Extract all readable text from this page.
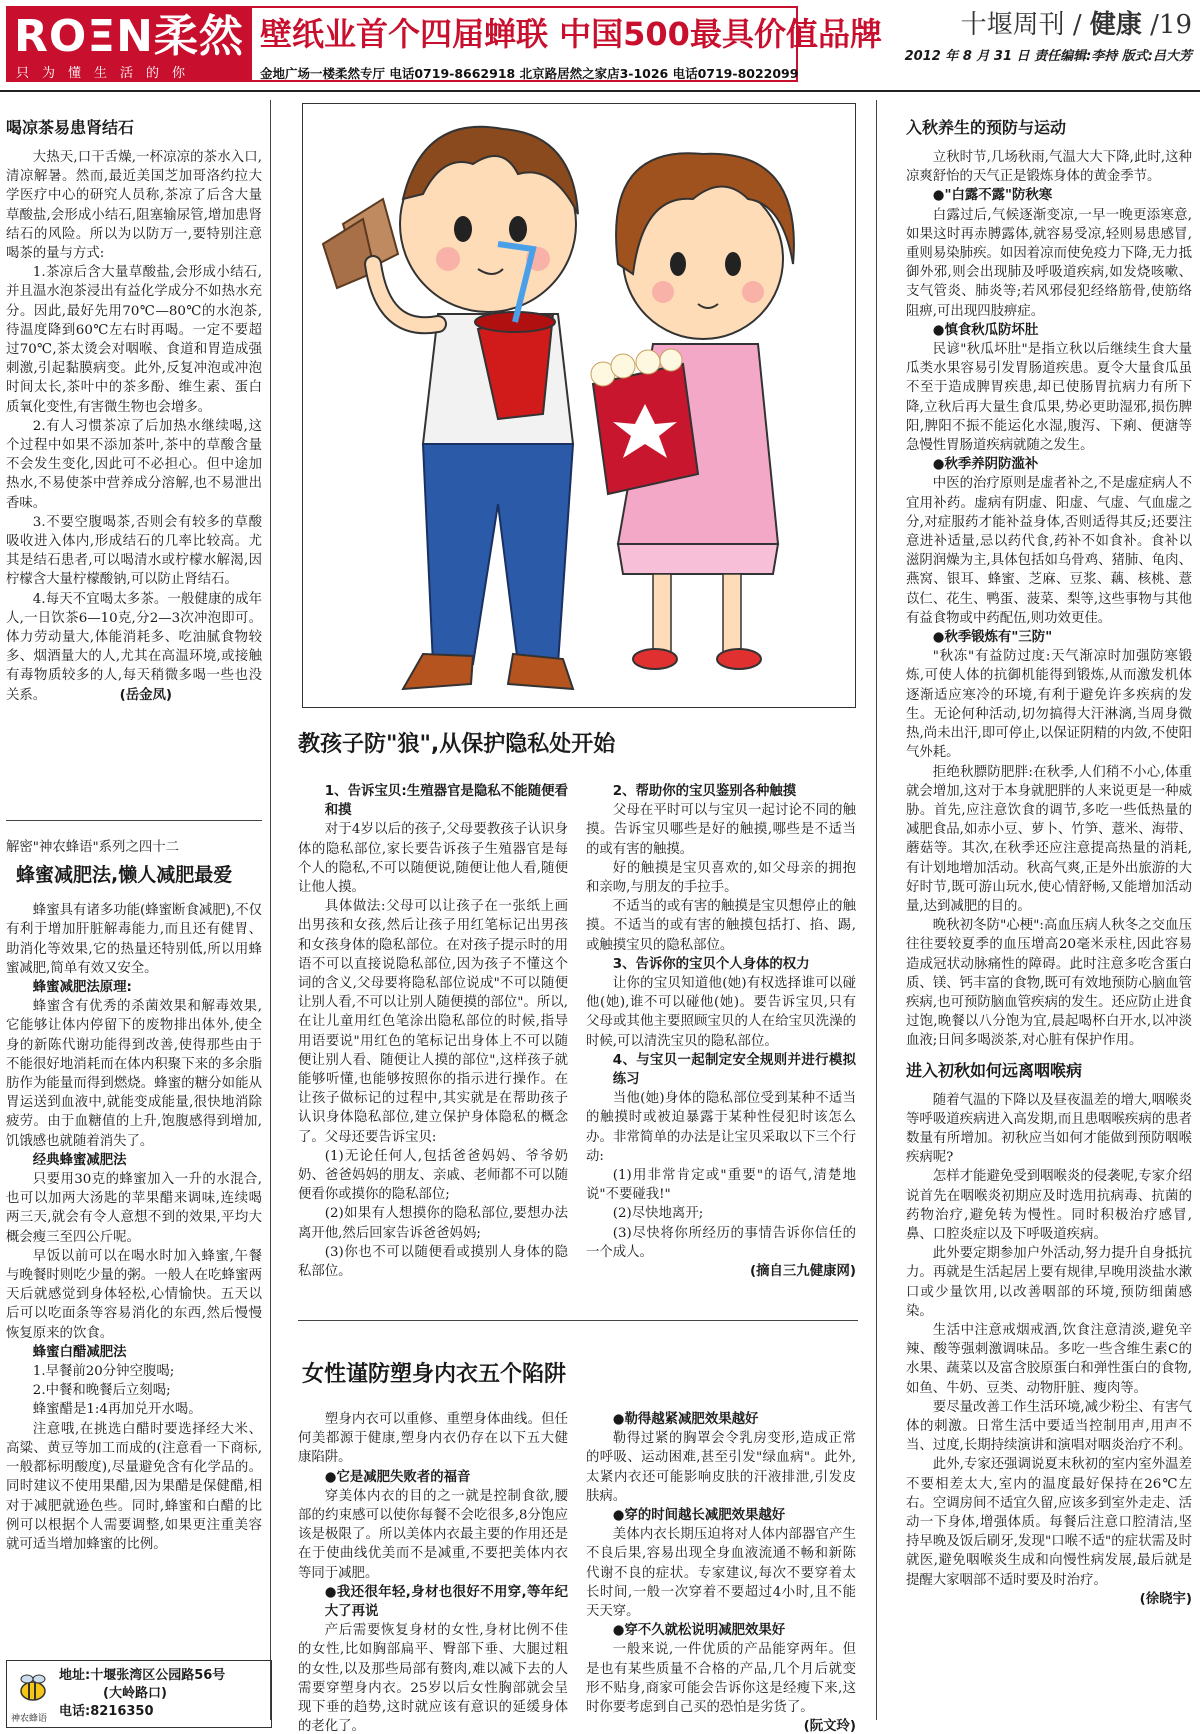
ROΞN柔然
只为懂生活的你
壁纸业首个四届蝉联 中国500最具价值品牌
金地广场一楼柔然专厅 电话0719-8662918 北京路居然之家店3-1026 电话0719-8022099
十堰周刊 / 健康 /19
2012 年 8 月 31 日 责任编辑:李持 版式:吕大芳
喝凉茶易患肾结石

大热天,口干舌燥,一杯凉凉的茶水入口,清凉解暑。然而,最近美国芝加哥洛约拉大学医疗中心的研究人员称,茶凉了后含大量草酸盐,会形成小结石,阻塞输尿管,增加患肾结石的风险。所以为以防万一,要特别注意喝茶的量与方式:

1.茶凉后含大量草酸盐,会形成小结石,并且温水泡茶浸出有益化学成分不如热水充分。因此,最好先用70℃—80℃的水泡茶,待温度降到60℃左右时再喝。一定不要超过70℃,茶太烫会对咽喉、食道和胃造成强刺激,引起黏膜病变。此外,反复冲泡或冲泡时间太长,茶叶中的茶多酚、维生素、蛋白质氧化变性,有害微生物也会增多。

2.有人习惯茶凉了后加热水继续喝,这个过程中如果不添加茶叶,茶中的草酸含量不会发生变化,因此可不必担心。但中途加热水,不易使茶中营养成分溶解,也不易泄出香味。

3.不要空腹喝茶,否则会有较多的草酸吸收进入体内,形成结石的几率比较高。尤其是结石患者,可以喝清水或柠檬水解渴,因柠檬含大量柠檬酸钠,可以防止肾结石。

4.每天不宜喝太多茶。一般健康的成年人,一日饮茶6—10克,分2—3次冲泡即可。体力劳动量大,体能消耗多、吃油腻食物较多、烟酒量大的人,尤其在高温环境,或接触有毒物质较多的人,每天稍微多喝一些也没关系。	(岳金凤)
解密"神农蜂语"系列之四十二
蜂蜜减肥法,懒人减肥最爱

蜂蜜具有诸多功能(蜂蜜断食减肥),不仅有利于增加肝脏解毒能力,而且还有健胃、助消化等效果,它的热量还特别低,所以用蜂蜜减肥,简单有效又安全。

蜂蜜减肥法原理:

蜂蜜含有优秀的杀菌效果和解毒效果,它能够让体内停留下的废物排出体外,使全身的新陈代谢功能得到改善,使得那些由于不能很好地消耗而在体内积聚下来的多余脂肪作为能量而得到燃烧。蜂蜜的糖分如能从胃运送到血液中,就能变成能量,很快地消除疲劳。由于血糖值的上升,饱腹感得到增加,饥饿感也就随着消失了。

经典蜂蜜减肥法

只要用30克的蜂蜜加入一升的水混合,也可以加两大汤匙的苹果醋来调味,连续喝两三天,就会有令人意想不到的效果,平均大概会瘦三至四公斤呢。

早饭以前可以在喝水时加入蜂蜜,午餐与晚餐时则吃少量的粥。一般人在吃蜂蜜两天后就感觉到身体轻松,心情愉快。五天以后可以吃面条等容易消化的东西,然后慢慢恢复原来的饮食。

蜂蜜白醋减肥法

1.早餐前20分钟空腹喝;

2.中餐和晚餐后立刻喝;

蜂蜜醋是1:4再加兑开水喝。

注意哦,在挑选白醋时要选择经大米、高粱、黄豆等加工而成的(注意看一下商标,一般都标明酸度),尽量避免含有化学品的。同时建议不使用果醋,因为果醋是保健醋,相对于减肥就逊色些。同时,蜂蜜和白醋的比例可以根据个人需要调整,如果更注重美容就可适当增加蜂蜜的比例。

神农蜂语
地址:十堰张湾区公园路56号
(大岭路口)
电话:8216350
教孩子防"狼",从保护隐私处开始
1、告诉宝贝:生殖器官是隐私不能随便看和摸

对于4岁以后的孩子,父母要教孩子认识身体的隐私部位,家长要告诉孩子生殖器官是每个人的隐私,不可以随便说,随便让他人看,随便让他人摸。

具体做法:父母可以让孩子在一张纸上画出男孩和女孩,然后让孩子用红笔标记出男孩和女孩身体的隐私部位。在对孩子提示时的用语不可以直接说隐私部位,因为孩子不懂这个词的含义,父母要将隐私部位说成"不可以随便让别人看,不可以让别人随便摸的部位"。所以,在让儿童用红色笔涂出隐私部位的时候,指导用语要说"用红色的笔标记出身体上不可以随便让别人看、随便让人摸的部位",这样孩子就能够听懂,也能够按照你的指示进行操作。在让孩子做标记的过程中,其实就是在帮助孩子认识身体隐私部位,建立保护身体隐私的概念了。父母还要告诉宝贝:

(1)无论任何人,包括爸爸妈妈、爷爷奶奶、爸爸妈妈的朋友、亲戚、老师都不可以随便看你或摸你的隐私部位;

(2)如果有人想摸你的隐私部位,要想办法离开他,然后回家告诉爸爸妈妈;

(3)你也不可以随便看或摸别人身体的隐私部位。

2、帮助你的宝贝鉴别各种触摸

父母在平时可以与宝贝一起讨论不同的触摸。告诉宝贝哪些是好的触摸,哪些是不适当的或有害的触摸。

好的触摸是宝贝喜欢的,如父母亲的拥抱和亲吻,与朋友的手拉手。

不适当的或有害的触摸是宝贝想停止的触摸。不适当的或有害的触摸包括打、掐、踢,或触摸宝贝的隐私部位。

3、告诉你的宝贝个人身体的权力

让你的宝贝知道他(她)有权选择谁可以碰他(她),谁不可以碰他(她)。要告诉宝贝,只有父母或其他主要照顾宝贝的人在给宝贝洗澡的时候,可以清洗宝贝的隐私部位。

4、与宝贝一起制定安全规则并进行模拟练习

当他(她)身体的隐私部位受到某种不适当的触摸时或被迫暴露于某种性侵犯时该怎么办。非常简单的办法是让宝贝采取以下三个行动:

(1)用非常肯定或"重要"的语气,清楚地说"不要碰我!"

(2)尽快地离开;

(3)尽快将你所经历的事情告诉你信任的一个成人。

(摘自三九健康网)
女性谨防塑身内衣五个陷阱

塑身内衣可以重修、重塑身体曲线。但任何美都源于健康,塑身内衣仍存在以下五大健康陷阱。

●它是减肥失败者的福音

穿美体内衣的目的之一就是控制食欲,腰部的约束感可以使你每餐不会吃很多,8分饱应该是极限了。所以美体内衣最主要的作用还是在于使曲线优美而不是减重,不要把美体内衣等同于减肥。

●我还很年轻,身材也很好不用穿,等年纪大了再说

产后需要恢复身材的女性,身材比例不佳的女性,比如胸部扁平、臀部下垂、大腿过粗的女性,以及那些局部有赘肉,难以减下去的人需要穿塑身内衣。25岁以后女性胸部就会呈现下垂的趋势,这时就应该有意识的延缓身体的老化了。

●勒得越紧减肥效果越好

勒得过紧的胸罩会令乳房变形,造成正常的呼吸、运动困难,甚至引发"绿血病"。此外,太紧内衣还可能影响皮肤的汗液排泄,引发皮肤病。

●穿的时间越长减肥效果越好

美体内衣长期压迫将对人体内部器官产生不良后果,容易出现全身血液流通不畅和新陈代谢不良的症状。专家建议,每次不要穿着太长时间,一般一次穿着不要超过4小时,且不能天天穿。

●穿不久就松说明减肥效果好

一般来说,一件优质的产品能穿两年。但是也有某些质量不合格的产品,几个月后就变形不贴身,商家可能会告诉你这是经瘦下来,这时你要考虑到自己买的恐怕是劣货了。

(阮文玲)
入秋养生的预防与运动

立秋时节,几场秋雨,气温大大下降,此时,这种凉爽舒怡的天气正是锻炼身体的黄金季节。

●"白露不露"防秋寒

白露过后,气候逐渐变凉,一早一晚更添寒意,如果这时再赤膊露体,就容易受凉,轻则易患感冒,重则易染肺疾。如因着凉而使免疫力下降,无力抵御外邪,则会出现肺及呼吸道疾病,如发烧咳嗽、支气管炎、肺炎等;若风邪侵犯经络筋骨,使筋络阻痹,可出现四肢痹症。

●慎食秋瓜防坏肚

民谚"秋瓜坏肚"是指立秋以后继续生食大量瓜类水果容易引发胃肠道疾患。夏令大量食瓜虽不至于造成脾胃疾患,却已使肠胃抗病力有所下降,立秋后再大量生食瓜果,势必更助湿邪,损伤脾阳,脾阳不振不能运化水湿,腹泻、下痢、便溏等急慢性胃肠道疾病就随之发生。

●秋季养阴防滥补

中医的治疗原则是虚者补之,不是虚症病人不宜用补药。虚病有阴虚、阳虚、气虚、气血虚之分,对症服药才能补益身体,否则适得其反;还要注意进补适量,忌以药代食,药补不如食补。食补以滋阴润燥为主,具体包括如乌骨鸡、猪肺、龟肉、燕窝、银耳、蜂蜜、芝麻、豆浆、藕、核桃、薏苡仁、花生、鸭蛋、菠菜、梨等,这些事物与其他有益食物或中药配伍,则功效更佳。

●秋季锻炼有"三防"

"秋冻"有益防过度:天气渐凉时加强防寒锻炼,可使人体的抗御机能得到锻炼,从而激发机体逐渐适应寒冷的环境,有利于避免许多疾病的发生。无论何种活动,切勿搞得大汗淋漓,当周身微热,尚未出汗,即可停止,以保证阴精的内敛,不使阳气外耗。

拒绝秋膘防肥胖:在秋季,人们稍不小心,体重就会增加,这对于本身就肥胖的人来说更是一种威胁。首先,应注意饮食的调节,多吃一些低热量的减肥食品,如赤小豆、萝卜、竹笋、薏米、海带、蘑菇等。其次,在秋季还应注意提高热量的消耗,有计划地增加活动。秋高气爽,正是外出旅游的大好时节,既可游山玩水,使心情舒畅,又能增加活动量,达到减肥的目的。

晚秋初冬防"心梗":高血压病人秋冬之交血压往往要较夏季的血压增高20毫米汞柱,因此容易造成冠状动脉痛性的障碍。此时注意多吃含蛋白质、镁、钙丰富的食物,既可有效地预防心脑血管疾病,也可预防脑血管疾病的发生。还应防止进食过饱,晚餐以八分饱为宜,晨起喝杯白开水,以冲淡血液;日间多喝淡茶,对心脏有保护作用。

进入初秋如何远离咽喉病

随着气温的下降以及昼夜温差的增大,咽喉炎等呼吸道疾病进入高发期,而且患咽喉疾病的患者数量有所增加。初秋应当如何才能做到预防咽喉疾病呢?

怎样才能避免受到咽喉炎的侵袭呢,专家介绍说首先在咽喉炎初期应及时选用抗病毒、抗菌的药物治疗,避免转为慢性。同时积极治疗感冒,鼻、口腔炎症以及下呼吸道疾病。

此外要定期参加户外活动,努力提升自身抵抗力。再就是生活起居上要有规律,早晚用淡盐水漱口或少量饮用,以改善咽部的环境,预防细菌感染。

生活中注意戒烟戒酒,饮食注意清淡,避免辛辣、酸等强刺激调味品。多吃一些含维生素C的水果、蔬菜以及富含胶原蛋白和弹性蛋白的食物,如鱼、牛奶、豆类、动物肝脏、瘦肉等。

要尽量改善工作生活环境,减少粉尘、有害气体的刺激。日常生活中要适当控制用声,用声不当、过度,长期持续演讲和演唱对咽炎治疗不利。

此外,专家还强调说夏末秋初的室内室外温差不要相差太大,室内的温度最好保持在26℃左右。空调房间不适宜久留,应该多到室外走走、活动一下身体,增强体质。每餐后注意口腔清洁,坚持早晚及饭后刷牙,发现"口喉不适"的症状需及时就医,避免咽喉炎生成和向慢性病发展,最后就是提醒大家咽部不适时要及时治疗。

(徐晓宇)
